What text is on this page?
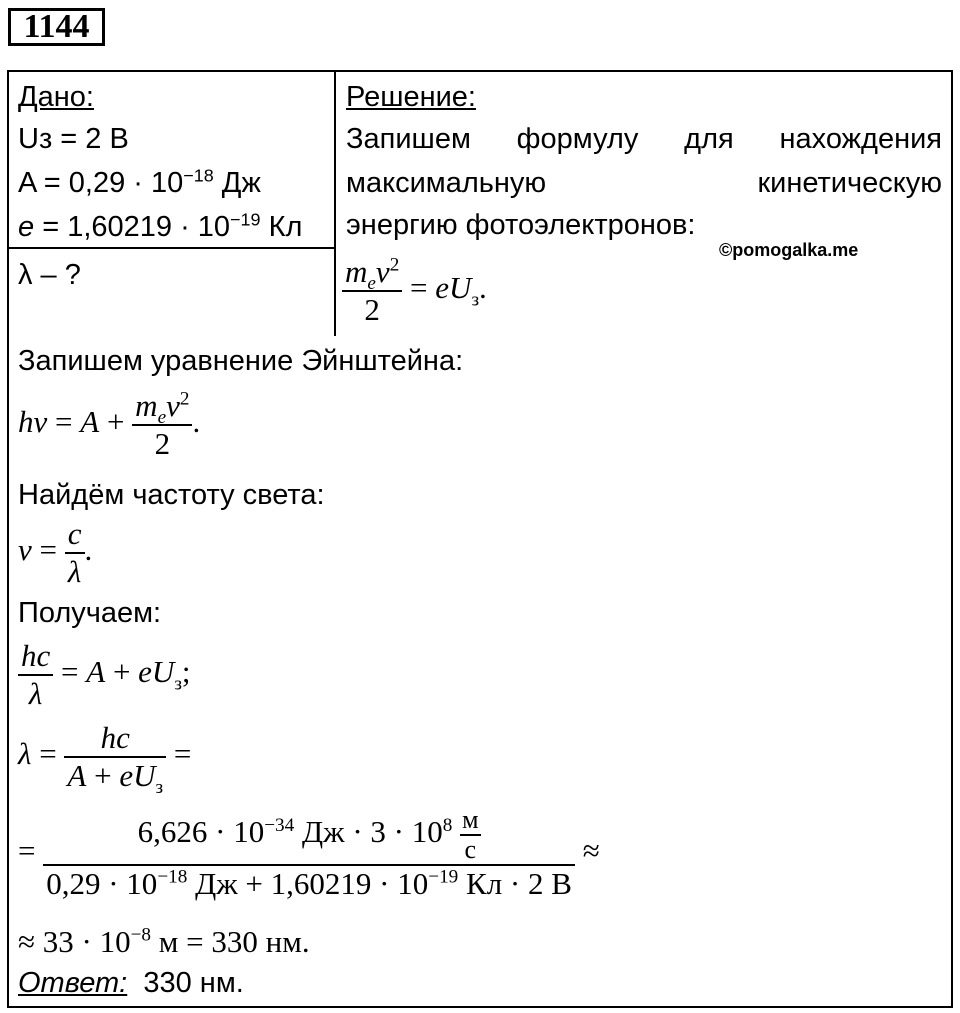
1144
Дано:
Uз = 2 В
$A = 0,29 \cdot 10^{-18}$ Дж
$e = 1,60219 \cdot 10^{-19}$ Кл
λ – ?
Решение:
Запишем формулу для нахождения
максимальную	кинетическую
энергию фотоэлектронов:
©pomogalka.me
$\frac{m_ev^2}{2} = eU_з$.
Запишем уравнение Эйнштейна:
$h\nu = A + \frac{m_ev^2}{2}$ .
Найдём частоту света:
$\nu = \frac{c}{\lambda}$ .
Получаем:
$\frac{hc}{\lambda} = A + eU_з$;
$\lambda = \frac{hc}{A + eU_з}$ =
= $6,626 \cdot 10^{-34}$ Дж · $3 \cdot 10^8$ м
с
$0,29 \cdot 10^{-18}$ Дж + $1,60219 \cdot 10^{-19}$ Кл · 2 В ≈
≈ $33 \cdot 10^{-8}$ м = 330 нм.
Ответ: 330 нм.
